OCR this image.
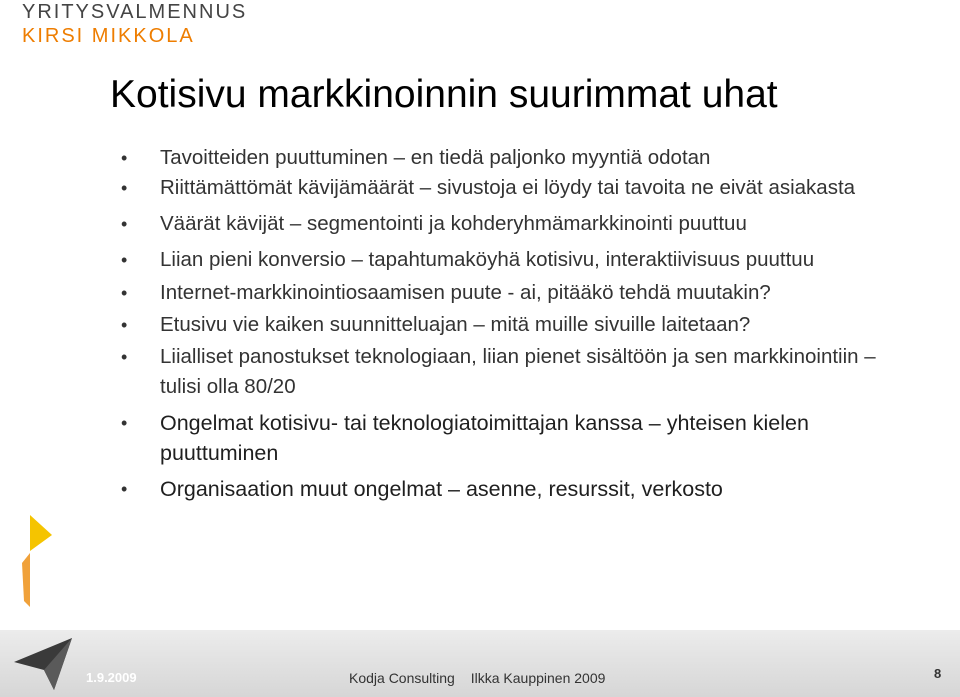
YRITYSVALMENNUS
KIRSI MIKKOLA
Kotisivu markkinoinnin suurimmat uhat
• Tavoitteiden puuttuminen – en tiedä paljonko myyntiä odotan
• Riittämättömät kävijämäärät – sivustoja ei löydy tai tavoita ne eivät asiakasta
• Väärät kävijät – segmentointi ja kohderyhmämarkkinointi puuttuu
• Liian pieni konversio – tapahtumaköyhä kotisivu, interaktiivisuus puuttuu
• Internet-markkinointiosaamisen puute - ai, pitääkö tehdä muutakin?
• Etusivu vie kaiken suunnitteluajan – mitä muille sivuille laitetaan?
• Liialliset panostukset teknologiaan, liian pienet sisältöön ja sen markkinointiin – tulisi olla 80/20
• Ongelmat kotisivu- tai teknologiatoimittajan kanssa – yhteisen kielen puuttuminen
• Organisaation muut ongelmat – asenne, resurssit, verkosto
1.9.2009	Kodja Consulting Ilkka Kauppinen 2009	8
